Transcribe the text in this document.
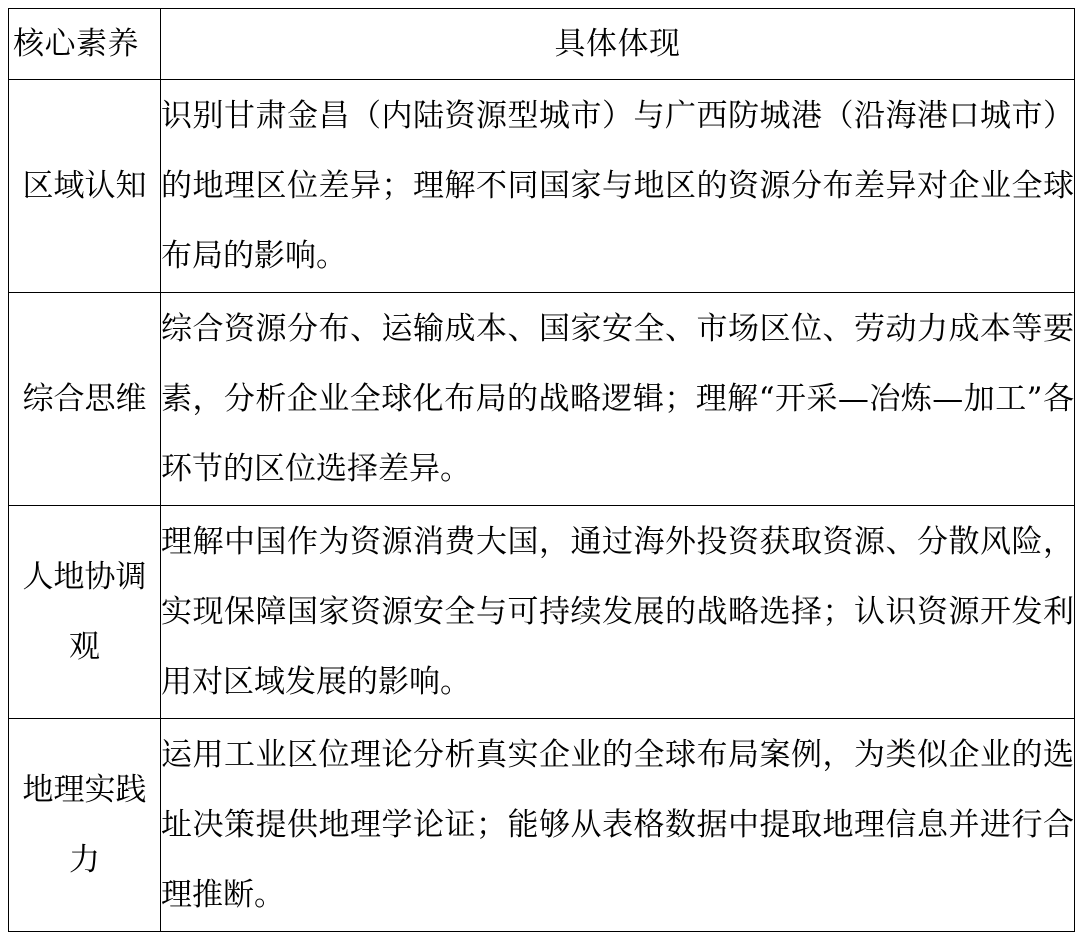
核心素养	具体体现
区域认知	识别甘肃金昌（内陆资源型城市）与广西防城港（沿海港口城市）的地理区位差异；理解不同国家与地区的资源分布差异对企业全球布局的影响。
综合思维	综合资源分布、运输成本、国家安全、市场区位、劳动力成本等要素，分析企业全球化布局的战略逻辑；理解“开采—冶炼—加工”各环节的区位选择差异。
人地协调观	理解中国作为资源消费大国，通过海外投资获取资源、分散风险，实现保障国家资源安全与可持续发展的战略选择；认识资源开发利用对区域发展的影响。
地理实践力	运用工业区位理论分析真实企业的全球布局案例，为类似企业的选址决策提供地理学论证；能够从表格数据中提取地理信息并进行合理推断。
